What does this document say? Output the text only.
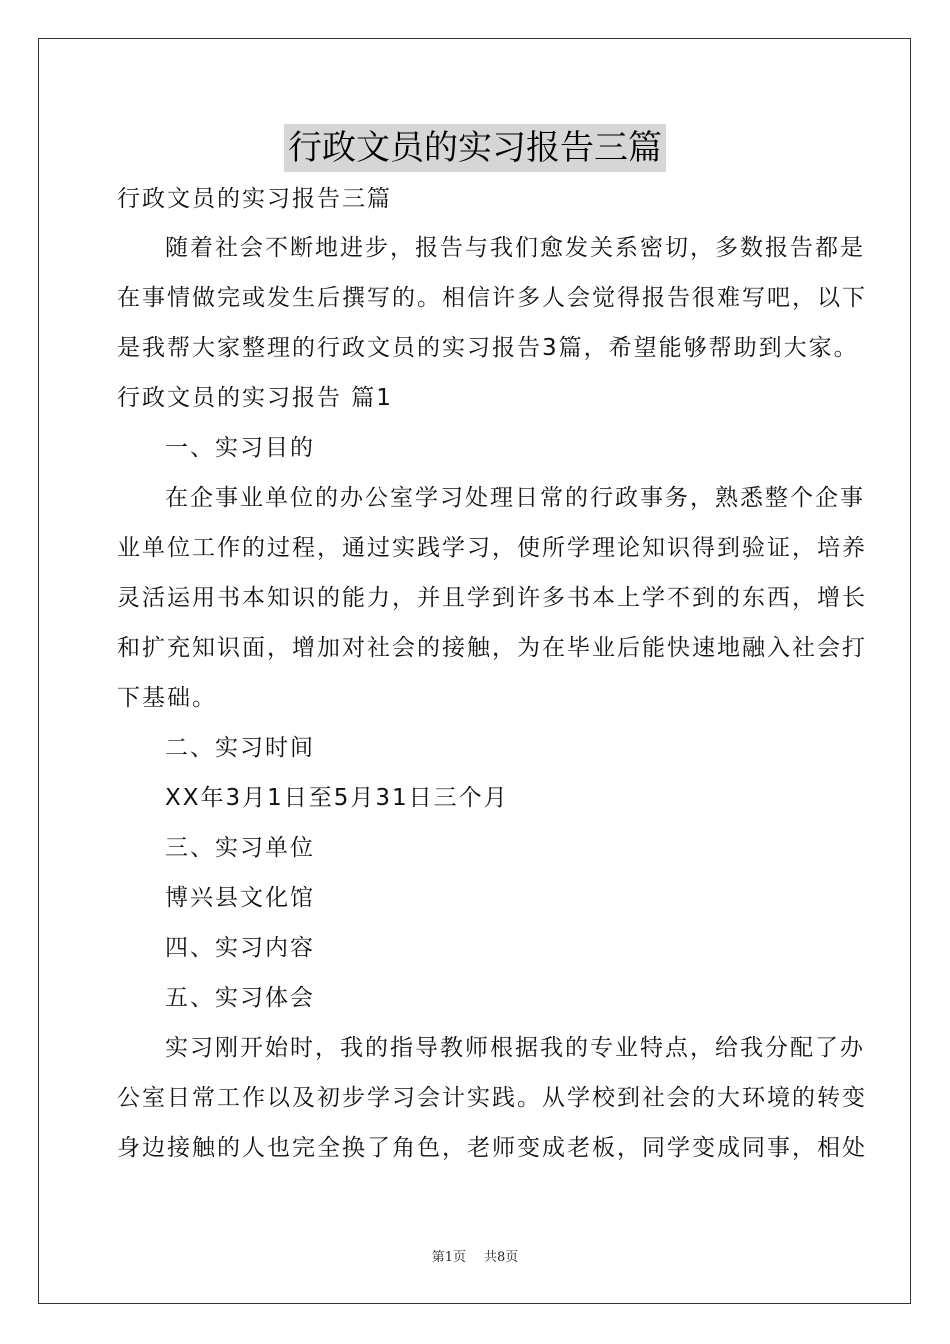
行政文员的实习报告三篇
行政文员的实习报告三篇
随着社会不断地进步，报告与我们愈发关系密切，多数报告都是
在事情做完或发生后撰写的。相信许多人会觉得报告很难写吧，以下
是我帮大家整理的行政文员的实习报告3篇，希望能够帮助到大家。
行政文员的实习报告 篇1
一、实习目的
在企事业单位的办公室学习处理日常的行政事务，熟悉整个企事
业单位工作的过程，通过实践学习，使所学理论知识得到验证，培养
灵活运用书本知识的能力，并且学到许多书本上学不到的东西，增长
和扩充知识面，增加对社会的接触，为在毕业后能快速地融入社会打
下基础。
二、实习时间
XX年3月1日至5月31日三个月
三、实习单位
博兴县文化馆
四、实习内容
五、实习体会
实习刚开始时，我的指导教师根据我的专业特点，给我分配了办
公室日常工作以及初步学习会计实践。从学校到社会的大环境的转变
身边接触的人也完全换了角色，老师变成老板，同学变成同事，相处
第1页 共8页
